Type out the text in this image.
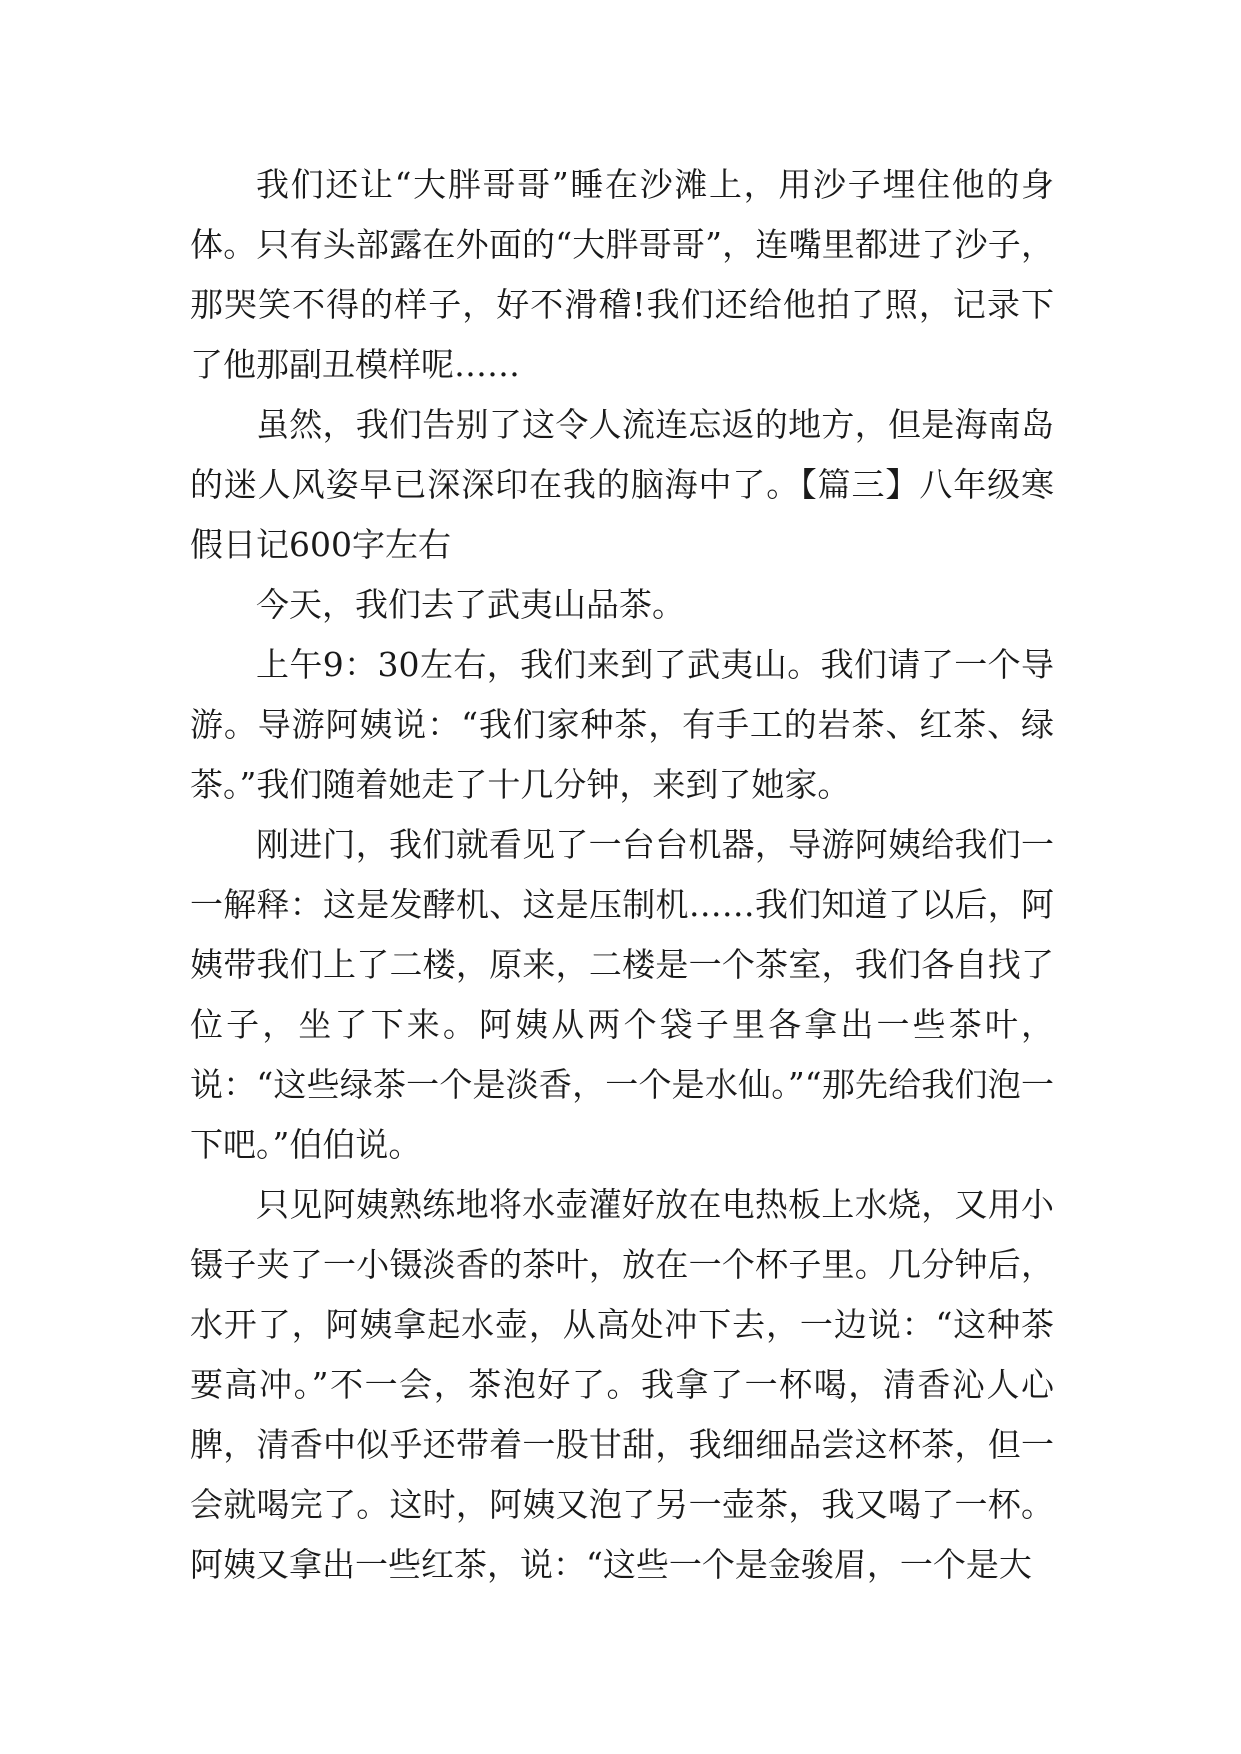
我们还让“大胖哥哥”睡在沙滩上，用沙子埋住他的身体。只有头部露在外面的“大胖哥哥”，连嘴里都进了沙子，那哭笑不得的样子，好不滑稽!我们还给他拍了照，记录下了他那副丑模样呢……

虽然，我们告别了这令人流连忘返的地方，但是海南岛的迷人风姿早已深深印在我的脑海中了。【篇三】八年级寒假日记600字左右

今天，我们去了武夷山品茶。

上午9：30左右，我们来到了武夷山。我们请了一个导游。导游阿姨说：“我们家种茶，有手工的岩茶、红茶、绿茶。”我们随着她走了十几分钟，来到了她家。

刚进门，我们就看见了一台台机器，导游阿姨给我们一一解释：这是发酵机、这是压制机……我们知道了以后，阿姨带我们上了二楼，原来，二楼是一个茶室，我们各自找了位子，坐了下来。阿姨从两个袋子里各拿出一些茶叶，说：“这些绿茶一个是淡香，一个是水仙。”“那先给我们泡一下吧。”伯伯说。

只见阿姨熟练地将水壶灌好放在电热板上水烧，又用小镊子夹了一小镊淡香的茶叶，放在一个杯子里。几分钟后，水开了，阿姨拿起水壶，从高处冲下去，一边说：“这种茶要高冲。”不一会，茶泡好了。我拿了一杯喝，清香沁人心脾，清香中似乎还带着一股甘甜，我细细品尝这杯茶，但一会就喝完了。这时，阿姨又泡了另一壶茶，我又喝了一杯。阿姨又拿出一些红茶，说：“这些一个是金骏眉，一个是大
